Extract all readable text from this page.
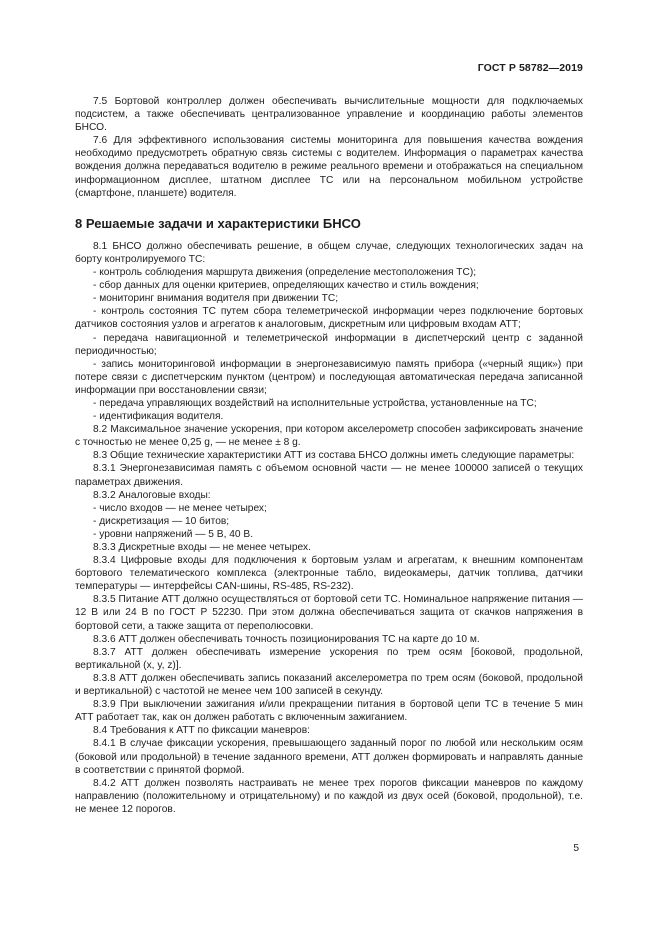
ГОСТ Р 58782—2019

7.5 Бортовой контроллер должен обеспечивать вычислительные мощности для подключаемых подсистем, а также обеспечивать централизованное управление и координацию работы элементов БНСО.

7.6 Для эффективного использования системы мониторинга для повышения качества вождения необходимо предусмотреть обратную связь системы с водителем. Информация о параметрах качества вождения должна передаваться водителю в режиме реального времени и отображаться на специальном информационном дисплее, штатном дисплее ТС или на персональном мобильном устройстве (смартфоне, планшете) водителя.

8 Решаемые задачи и характеристики БНСО

8.1 БНСО должно обеспечивать решение, в общем случае, следующих технологических задач на борту контролируемого ТС:

- контроль соблюдения маршрута движения (определение местоположения ТС);

- сбор данных для оценки критериев, определяющих качество и стиль вождения;

- мониторинг внимания водителя при движении ТС;

- контроль состояния ТС путем сбора телеметрической информации через подключение бортовых датчиков состояния узлов и агрегатов к аналоговым, дискретным или цифровым входам АТТ;

- передача навигационной и телеметрической информации в диспетчерский центр с заданной периодичностью;

- запись мониторинговой информации в энергонезависимую память прибора («черный ящик») при потере связи с диспетчерским пунктом (центром) и последующая автоматическая передача записанной информации при восстановлении связи;

- передача управляющих воздействий на исполнительные устройства, установленные на ТС;

- идентификация водителя.

8.2 Максимальное значение ускорения, при котором акселерометр способен зафиксировать значение с точностью не менее 0,25 g, — не менее ± 8 g.

8.3 Общие технические характеристики АТТ из состава БНСО должны иметь следующие параметры:

8.3.1 Энергонезависимая память с объемом основной части — не менее 100000 записей о текущих параметрах движения.

8.3.2 Аналоговые входы:

- число входов — не менее четырех;

- дискретизация — 10 битов;

- уровни напряжений — 5 В, 40 В.

8.3.3 Дискретные входы — не менее четырех.

8.3.4 Цифровые входы для подключения к бортовым узлам и агрегатам, к внешним компонентам бортового телематического комплекса (электронные табло, видеокамеры, датчик топлива, датчики температуры — интерфейсы CAN-шины, RS-485, RS-232).

8.3.5 Питание АТТ должно осуществляться от бортовой сети ТС. Номинальное напряжение питания — 12 В или 24 В по ГОСТ Р 52230. При этом должна обеспечиваться защита от скачков напряжения в бортовой сети, а также защита от переполюсовки.

8.3.6 АТТ должен обеспечивать точность позиционирования ТС на карте до 10 м.

8.3.7 АТТ должен обеспечивать измерение ускорения по трем осям [боковой, продольной, вертикальной (x, y, z)].

8.3.8 АТТ должен обеспечивать запись показаний акселерометра по трем осям (боковой, продольной и вертикальной) с частотой не менее чем 100 записей в секунду.

8.3.9 При выключении зажигания и/или прекращении питания в бортовой цепи ТС в течение 5 мин АТТ работает так, как он должен работать с включенным зажиганием.

8.4 Требования к АТТ по фиксации маневров:

8.4.1 В случае фиксации ускорения, превышающего заданный порог по любой или нескольким осям (боковой или продольной) в течение заданного времени, АТТ должен формировать и направлять данные в соответствии с принятой формой.

8.4.2 АТТ должен позволять настраивать не менее трех порогов фиксации маневров по каждому направлению (положительному и отрицательному) и по каждой из двух осей (боковой, продольной), т.е. не менее 12 порогов.

5
